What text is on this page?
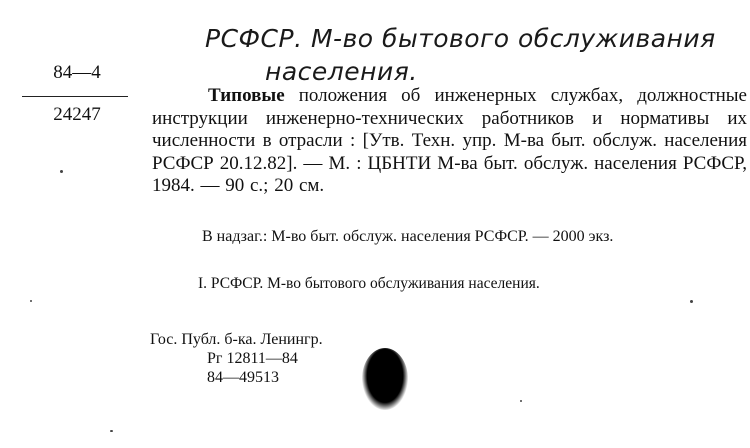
РСФСР. М-во бытового обслуживания
населения.
84—4
24247
Типовые положения об инженерных службах, должностные инструкции инженерно-технических работников и нормативы их численности в отрасли : [Утв. Техн. упр. М-ва быт. обслуж. населения РСФСР 20.12.82]. — М. : ЦБНТИ М-ва быт. обслуж. населения РСФСР, 1984. — 90 с.; 20 см.
В надзаг.: М-во быт. обслуж. населения РСФСР. — 2000 экз.
I. РСФСР. М-во бытового обслуживания населения.
Гос. Публ. б-ка. Ленингр.
Рг 12811—84
84—49513
